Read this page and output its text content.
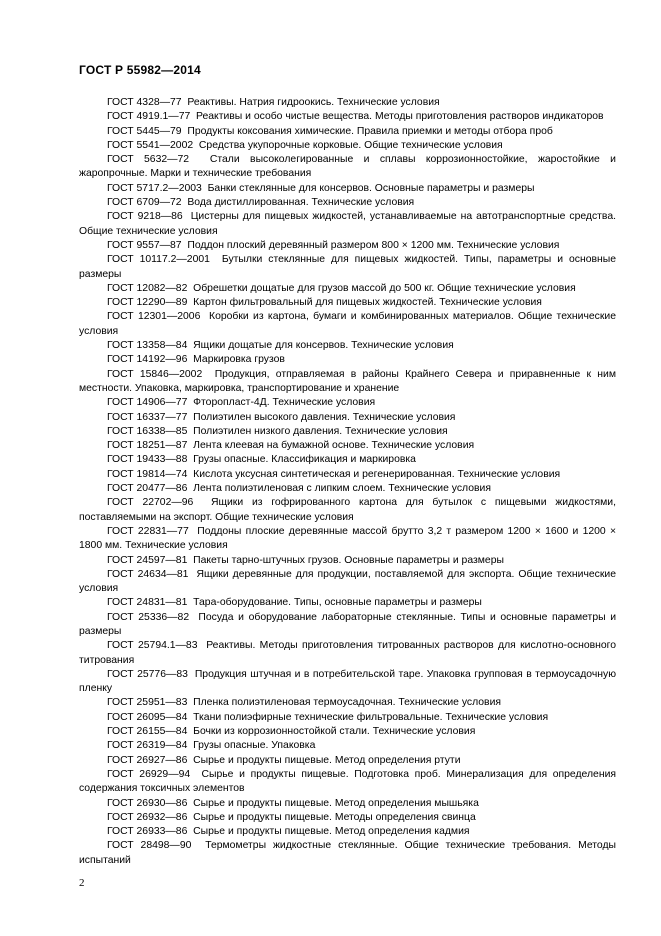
ГОСТ Р 55982—2014
ГОСТ 4328—77 Реактивы. Натрия гидроокись. Технические условия
ГОСТ 4919.1—77 Реактивы и особо чистые вещества. Методы приготовления растворов индикаторов
ГОСТ 5445—79 Продукты коксования химические. Правила приемки и методы отбора проб
ГОСТ 5541—2002 Средства укупорочные корковые. Общие технические условия
ГОСТ 5632—72 Стали высоколегированные и сплавы коррозионностойкие, жаростойкие и жаропрочные. Марки и технические требования
ГОСТ 5717.2—2003 Банки стеклянные для консервов. Основные параметры и размеры
ГОСТ 6709—72 Вода дистиллированная. Технические условия
ГОСТ 9218—86 Цистерны для пищевых жидкостей, устанавливаемые на автотранспортные средства. Общие технические условия
ГОСТ 9557—87 Поддон плоский деревянный размером 800 × 1200 мм. Технические условия
ГОСТ 10117.2—2001 Бутылки стеклянные для пищевых жидкостей. Типы, параметры и основные размеры
ГОСТ 12082—82 Обрешетки дощатые для грузов массой до 500 кг. Общие технические условия
ГОСТ 12290—89 Картон фильтровальный для пищевых жидкостей. Технические условия
ГОСТ 12301—2006 Коробки из картона, бумаги и комбинированных материалов. Общие технические условия
ГОСТ 13358—84 Ящики дощатые для консервов. Технические условия
ГОСТ 14192—96 Маркировка грузов
ГОСТ 15846—2002 Продукция, отправляемая в районы Крайнего Севера и приравненные к ним местности. Упаковка, маркировка, транспортирование и хранение
ГОСТ 14906—77 Фторопласт-4Д. Технические условия
ГОСТ 16337—77 Полиэтилен высокого давления. Технические условия
ГОСТ 16338—85 Полиэтилен низкого давления. Технические условия
ГОСТ 18251—87 Лента клеевая на бумажной основе. Технические условия
ГОСТ 19433—88 Грузы опасные. Классификация и маркировка
ГОСТ 19814—74 Кислота уксусная синтетическая и регенерированная. Технические условия
ГОСТ 20477—86 Лента полиэтиленовая с липким слоем. Технические условия
ГОСТ 22702—96 Ящики из гофрированного картона для бутылок с пищевыми жидкостями, поставляемыми на экспорт. Общие технические условия
ГОСТ 22831—77 Поддоны плоские деревянные массой брутто 3,2 т размером 1200 × 1600 и 1200 × 1800 мм. Технические условия
ГОСТ 24597—81 Пакеты тарно-штучных грузов. Основные параметры и размеры
ГОСТ 24634—81 Ящики деревянные для продукции, поставляемой для экспорта. Общие технические условия
ГОСТ 24831—81 Тара-оборудование. Типы, основные параметры и размеры
ГОСТ 25336—82 Посуда и оборудование лабораторные стеклянные. Типы и основные параметры и размеры
ГОСТ 25794.1—83 Реактивы. Методы приготовления титрованных растворов для кислотно-основного титрования
ГОСТ 25776—83 Продукция штучная и в потребительской таре. Упаковка групповая в термоусадочную пленку
ГОСТ 25951—83 Пленка полиэтиленовая термоусадочная. Технические условия
ГОСТ 26095—84 Ткани полиэфирные технические фильтровальные. Технические условия
ГОСТ 26155—84 Бочки из коррозионностойкой стали. Технические условия
ГОСТ 26319—84 Грузы опасные. Упаковка
ГОСТ 26927—86 Сырье и продукты пищевые. Метод определения ртути
ГОСТ 26929—94 Сырье и продукты пищевые. Подготовка проб. Минерализация для определения содержания токсичных элементов
ГОСТ 26930—86 Сырье и продукты пищевые. Метод определения мышьяка
ГОСТ 26932—86 Сырье и продукты пищевые. Методы определения свинца
ГОСТ 26933—86 Сырье и продукты пищевые. Метод определения кадмия
ГОСТ 28498—90 Термометры жидкостные стеклянные. Общие технические требования. Методы испытаний
2
